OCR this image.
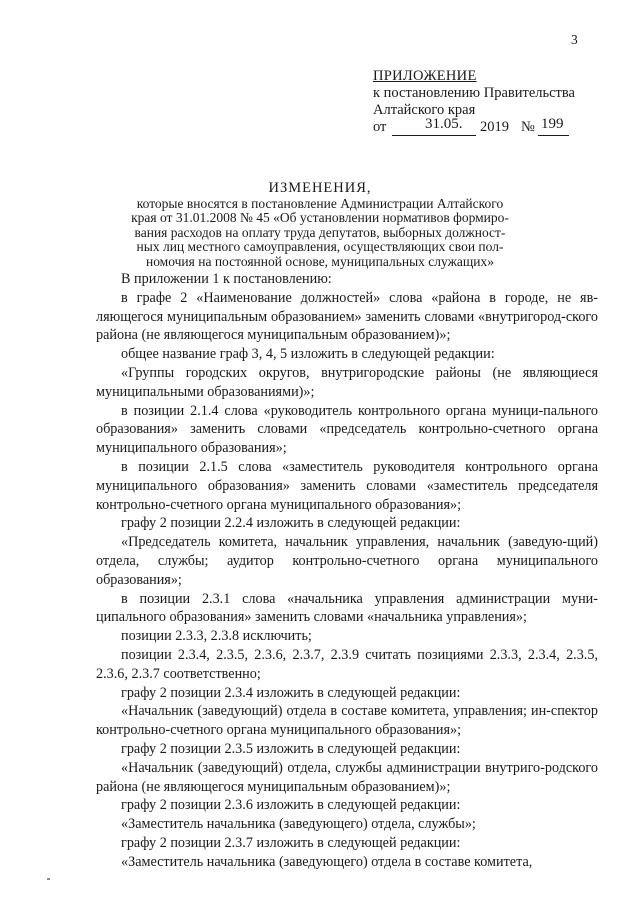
3
ПРИЛОЖЕНИЕ
к постановлению Правительства
Алтайского края
от	31.05. 2019 № 199
ИЗМЕНЕНИЯ,
которые вносятся в постановление Администрации Алтайского
края от 31.01.2008 № 45 «Об установлении нормативов формиро-
вания расходов на оплату труда депутатов, выборных должност-
ных лиц местного самоуправления, осуществляющих свои пол-
номочия на постоянной основе, муниципальных служащих»

В приложении 1 к постановлению:

в графе 2 «Наименование должностей» слова «района в городе, не яв-ляющегося муниципальным образованием» заменить словами «внутригород-ского района (не являющегося муниципальным образованием)»;

общее название граф 3, 4, 5 изложить в следующей редакции:

«Группы городских округов, внутригородские районы (не являющиеся муниципальными образованиями)»;

в позиции 2.1.4 слова «руководитель контрольного органа муници-пального образования» заменить словами «председатель контрольно-счетного органа муниципального образования»;

в позиции 2.1.5 слова «заместитель руководителя контрольного органа муниципального образования» заменить словами «заместитель председателя контрольно-счетного органа муниципального образования»;

графу 2 позиции 2.2.4 изложить в следующей редакции:

«Председатель комитета, начальник управления, начальник (заведую-щий) отдела, службы; аудитор контрольно-счетного органа муниципального образования»;

в позиции 2.3.1 слова «начальника управления администрации муни-ципального образования» заменить словами «начальника управления»;

позиции 2.3.3, 2.3.8 исключить;

позиции 2.3.4, 2.3.5, 2.3.6, 2.3.7, 2.3.9 считать позициями 2.3.3, 2.3.4, 2.3.5, 2.3.6, 2.3.7 соответственно;

графу 2 позиции 2.3.4 изложить в следующей редакции:

«Начальник (заведующий) отдела в составе комитета, управления; ин-спектор контрольно-счетного органа муниципального образования»;

графу 2 позиции 2.3.5 изложить в следующей редакции:

«Начальник (заведующий) отдела, службы администрации внутриго-родского района (не являющегося муниципальным образованием)»;

графу 2 позиции 2.3.6 изложить в следующей редакции:

«Заместитель начальника (заведующего) отдела, службы»;

графу 2 позиции 2.3.7 изложить в следующей редакции:

«Заместитель начальника (заведующего) отдела в составе комитета,
